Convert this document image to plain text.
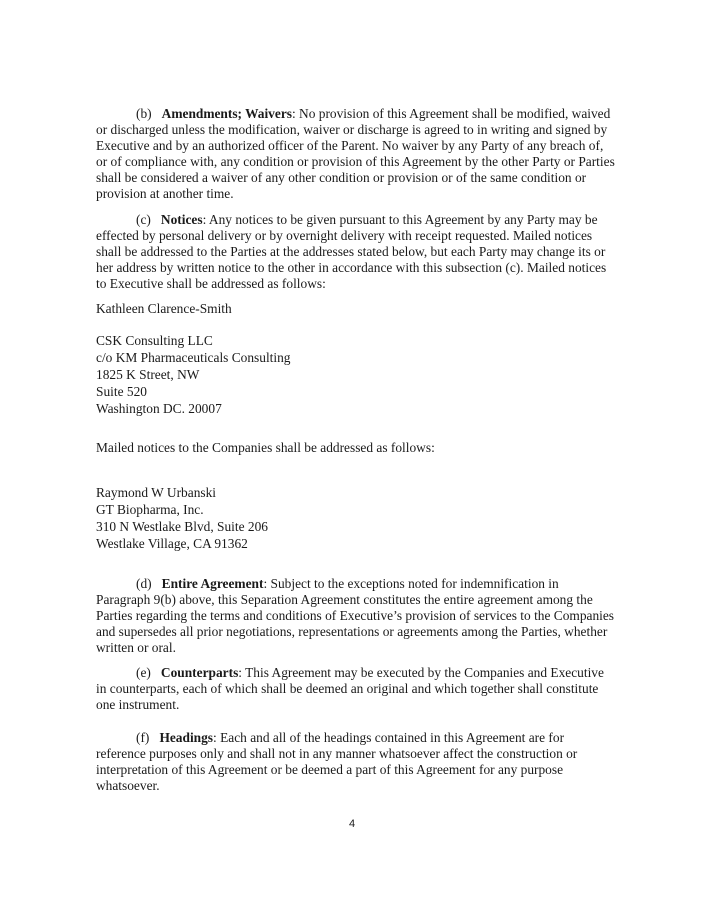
(b) Amendments; Waivers: No provision of this Agreement shall be modified, waived or discharged unless the modification, waiver or discharge is agreed to in writing and signed by Executive and by an authorized officer of the Parent. No waiver by any Party of any breach of, or of compliance with, any condition or provision of this Agreement by the other Party or Parties shall be considered a waiver of any other condition or provision or of the same condition or provision at another time.

(c) Notices: Any notices to be given pursuant to this Agreement by any Party may be effected by personal delivery or by overnight delivery with receipt requested. Mailed notices shall be addressed to the Parties at the addresses stated below, but each Party may change its or her address by written notice to the other in accordance with this subsection (c). Mailed notices to Executive shall be addressed as follows:

Kathleen Clarence-Smith
CSK Consulting LLC
c/o KM Pharmaceuticals Consulting
1825 K Street, NW
Suite 520
Washington DC. 20007
Mailed notices to the Companies shall be addressed as follows:
Raymond W Urbanski
GT Biopharma, Inc.
310 N Westlake Blvd, Suite 206
Westlake Village, CA 91362

(d) Entire Agreement: Subject to the exceptions noted for indemnification in Paragraph 9(b) above, this Separation Agreement constitutes the entire agreement among the Parties regarding the terms and conditions of Executive’s provision of services to the Companies and supersedes all prior negotiations, representations or agreements among the Parties, whether written or oral.

(e) Counterparts: This Agreement may be executed by the Companies and Executive in counterparts, each of which shall be deemed an original and which together shall constitute one instrument.

(f) Headings: Each and all of the headings contained in this Agreement are for reference purposes only and shall not in any manner whatsoever affect the construction or interpretation of this Agreement or be deemed a part of this Agreement for any purpose whatsoever.

4
